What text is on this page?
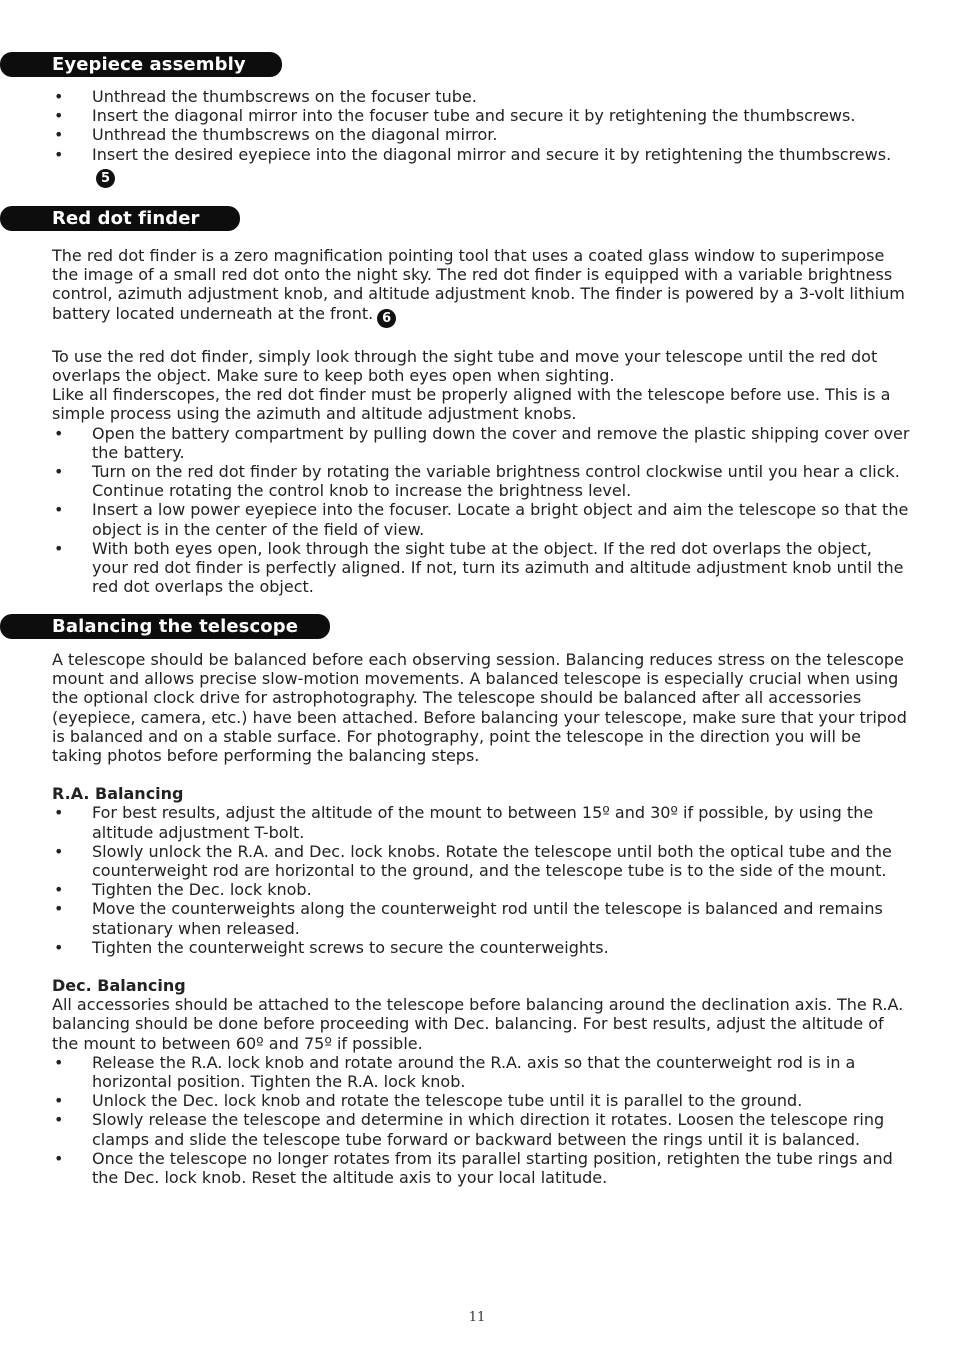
Eyepiece assembly
• Unthread the thumbscrews on the focuser tube.
• Insert the diagonal mirror into the focuser tube and secure it by retightening the thumbscrews.
• Unthread the thumbscrews on the diagonal mirror.
• Insert the desired eyepiece into the diagonal mirror and secure it by retightening the thumbscrews.5
Red dot finder

The red dot finder is a zero magnification pointing tool that uses a coated glass window to superimpose the image of a small red dot onto the night sky. The red dot finder is equipped with a variable brightness control, azimuth adjustment knob, and altitude adjustment knob. The finder is powered by a 3-volt lithium battery located underneath at the front. 6

To use the red dot finder, simply look through the sight tube and move your telescope until the red dot overlaps the object. Make sure to keep both eyes open when sighting.

Like all finderscopes, the red dot finder must be properly aligned with the telescope before use. This is a simple process using the azimuth and altitude adjustment knobs.

• Open the battery compartment by pulling down the cover and remove the plastic shipping cover over the battery.
• Turn on the red dot finder by rotating the variable brightness control clockwise until you hear a click. Continue rotating the control knob to increase the brightness level.
• Insert a low power eyepiece into the focuser. Locate a bright object and aim the telescope so that the object is in the center of the field of view.
• With both eyes open, look through the sight tube at the object. If the red dot overlaps the object, your red dot finder is perfectly aligned. If not, turn its azimuth and altitude adjustment knob until the red dot overlaps the object.
Balancing the telescope

A telescope should be balanced before each observing session. Balancing reduces stress on the telescope mount and allows precise slow-motion movements. A balanced telescope is especially crucial when using the optional clock drive for astrophotography. The telescope should be balanced after all accessories (eyepiece, camera, etc.) have been attached. Before balancing your telescope, make sure that your tripod is balanced and on a stable surface. For photography, point the telescope in the direction you will be taking photos before performing the balancing steps.

R.A. Balancing

• For best results, adjust the altitude of the mount to between 15º and 30º if possible, by using the altitude adjustment T-bolt.
• Slowly unlock the R.A. and Dec. lock knobs. Rotate the telescope until both the optical tube and the counterweight rod are horizontal to the ground, and the telescope tube is to the side of the mount.
• Tighten the Dec. lock knob.
• Move the counterweights along the counterweight rod until the telescope is balanced and remains stationary when released.
• Tighten the counterweight screws to secure the counterweights.

Dec. Balancing

All accessories should be attached to the telescope before balancing around the declination axis. The R.A. balancing should be done before proceeding with Dec. balancing. For best results, adjust the altitude of the mount to between 60º and 75º if possible.

• Release the R.A. lock knob and rotate around the R.A. axis so that the counterweight rod is in a horizontal position. Tighten the R.A. lock knob.
• Unlock the Dec. lock knob and rotate the telescope tube until it is parallel to the ground.
• Slowly release the telescope and determine in which direction it rotates. Loosen the telescope ring clamps and slide the telescope tube forward or backward between the rings until it is balanced.
• Once the telescope no longer rotates from its parallel starting position, retighten the tube rings and the Dec. lock knob. Reset the altitude axis to your local latitude.
11
